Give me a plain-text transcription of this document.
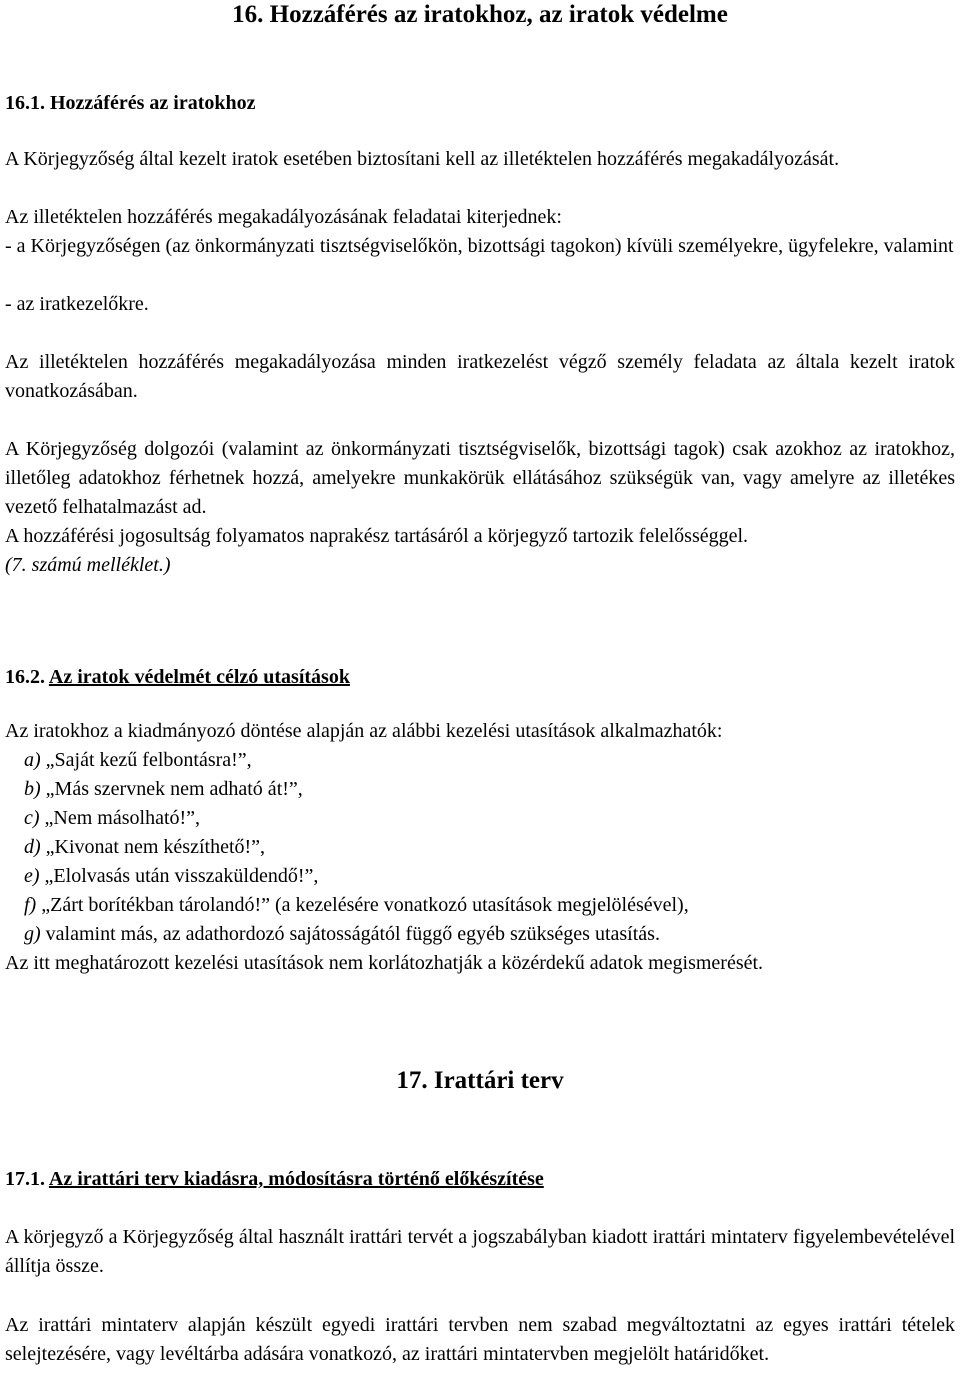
16. Hozzáférés az iratokhoz, az iratok védelme
16.1. Hozzáférés az iratokhoz

A Körjegyzőség által kezelt iratok esetében biztosítani kell az illetéktelen hozzáférés megakadályozását.

Az illetéktelen hozzáférés megakadályozásának feladatai kiterjednek:

- a Körjegyzőségen (az önkormányzati tisztségviselőkön, bizottsági tagokon) kívüli személyekre, ügyfelekre, valamint

- az iratkezelőkre.

Az illetéktelen hozzáférés megakadályozása minden iratkezelést végző személy feladata az általa kezelt iratok vonatkozásában.

A Körjegyzőség dolgozói (valamint az önkormányzati tisztségviselők, bizottsági tagok) csak azokhoz az iratokhoz, illetőleg adatokhoz férhetnek hozzá, amelyekre munkakörük ellátásához szükségük van, vagy amelyre az illetékes vezető felhatalmazást ad.

A hozzáférési jogosultság folyamatos naprakész tartásáról a körjegyző tartozik felelősséggel.
(7. számú melléklet.)

16.2. Az iratok védelmét célzó utasítások

Az iratokhoz a kiadmányozó döntése alapján az alábbi kezelési utasítások alkalmazhatók:

a) „Saját kezű felbontásra!”,
b) „Más szervnek nem adható át!”,
c) „Nem másolható!”,
d) „Kivonat nem készíthető!”,
e) „Elolvasás után visszaküldendő!”,
f) „Zárt borítékban tárolandó!” (a kezelésére vonatkozó utasítások megjelölésével),
g) valamint más, az adathordozó sajátosságától függő egyéb szükséges utasítás.

Az itt meghatározott kezelési utasítások nem korlátozhatják a közérdekű adatok megismerését.

17. Irattári terv
17.1. Az irattári terv kiadásra, módosításra történő előkészítése

A körjegyző a Körjegyzőség által használt irattári tervét a jogszabályban kiadott irattári mintaterv figyelembevételével állítja össze.

Az irattári mintaterv alapján készült egyedi irattári tervben nem szabad megváltoztatni az egyes irattári tételek selejtezésére, vagy levéltárba adására vonatkozó, az irattári mintatervben megjelölt határidőket.
